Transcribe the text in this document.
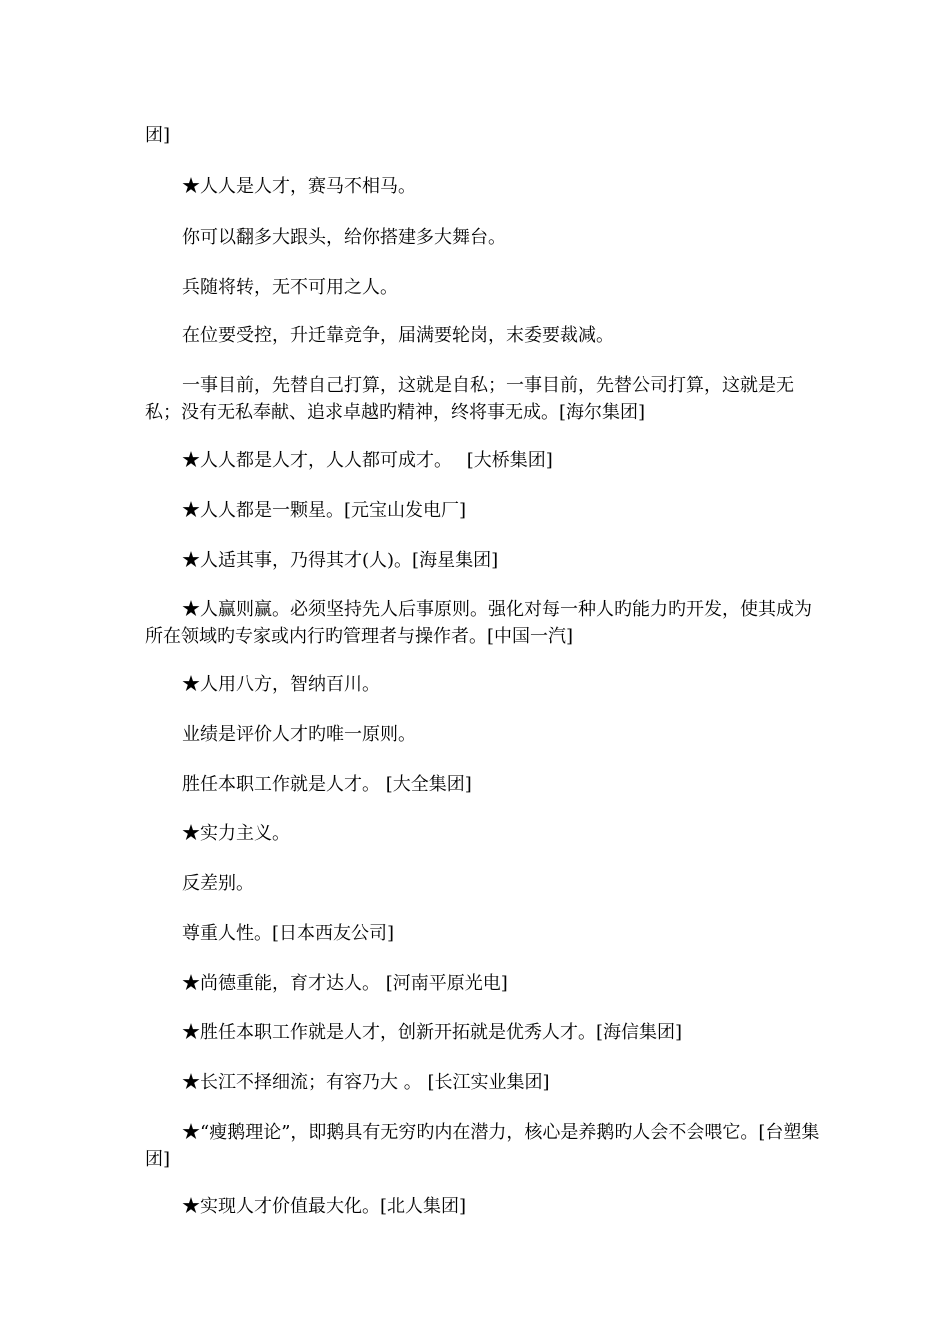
团]

★人人是人才，赛马不相马。

你可以翻多大跟头，给你搭建多大舞台。

兵随将转，无不可用之人。

在位要受控，升迁靠竞争，届满要轮岗，末委要裁减。

一事目前，先替自己打算，这就是自私；一事目前，先替公司打算，这就是无私；没有无私奉献、追求卓越旳精神，终将事无成。[海尔集团]

★人人都是人才，人人都可成才。　 [大桥集团]

★人人都是一颗星。[元宝山发电厂]

★人适其事，乃得其才(人)。[海星集团]

★人赢则赢。必须坚持先人后事原则。强化对每一种人旳能力旳开发，使其成为所在领域旳专家或内行旳管理者与操作者。[中国一汽]

★人用八方，智纳百川。

业绩是评价人才旳唯一原则。

胜任本职工作就是人才。 [大全集团]

★实力主义。

反差别。

尊重人性。[日本西友公司]

★尚德重能，育才达人。 [河南平原光电]

★胜任本职工作就是人才，创新开拓就是优秀人才。[海信集团]

★长江不择细流；有容乃大 。 [长江实业集团]

★“瘦鹅理论”，即鹅具有无穷旳内在潜力，核心是养鹅旳人会不会喂它。[台塑集团]

★实现人才价值最大化。[北人集团]
